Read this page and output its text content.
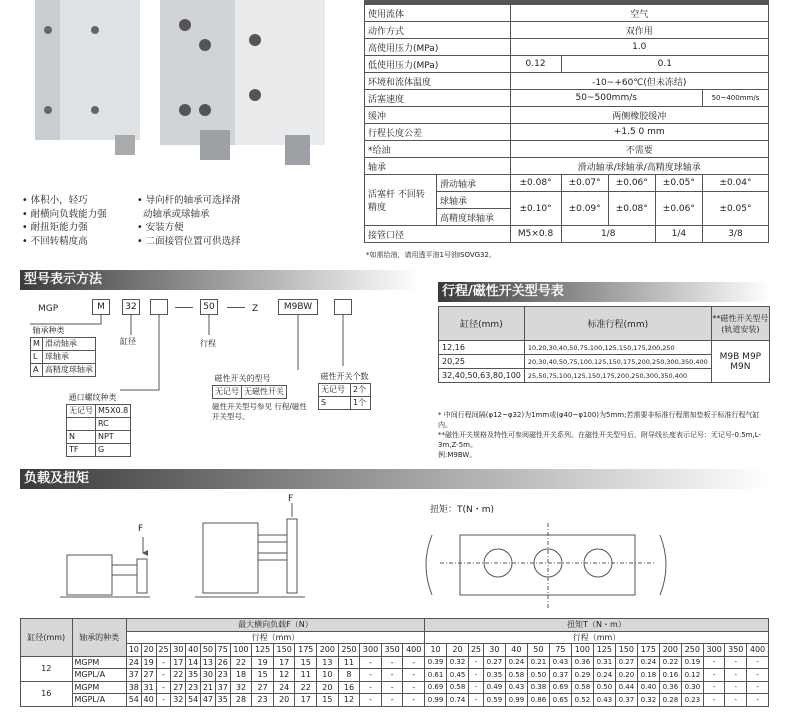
• 体积小，轻巧
• 耐横向负载能力强
• 耐扭矩能力强
• 不回转精度高
• 导向杆的轴承可选择滑
动轴承或球轴承
• 安装方便
• 二面接管位置可供选择

使用流体		空气				
动作方式		双作用				
高使用压力(MPa)		1.0				
低使用压力(MPa)		0.12	0.1			
环境和流体温度		-10~+60℃(但未冻结)				
活塞速度		50~500mm/s				50~400mm/s
缓冲		两侧橡胶缓冲				
行程长度公差		+1.5 0 mm				
*给油		不需要				
轴承		滑动轴承/球轴承/高精度球轴承				
活塞杆 不回转精度	滑动轴承	±0.08°	±0.07°	±0.06°	±0.05°	±0.04°
	球轴承	±0.10°	±0.09°	±0.08°	±0.06°	±0.05°
	高精度球轴承					
接管口径		M5×0.8	1/8		1/4	3/8
*如需给油，请用透平油1号油ISOVG32。
型号表示方法
MGP	M	32	50	Z	M9BW
轴承种类	
M	滑动轴承
L	球轴承
A	高精度球轴承
缸径	行程
通口螺纹种类	
无记号	M5X0.8
	RC
N	NPT
TF	G
磁性开关的型号
无记号	无磁性开关
磁性开关型号参见 行程/磁性开关型号。
磁性开关个数	
无记号	2个
S	1个
行程/磁性开关型号表
缸径(mm)	标准行程(mm)	**磁性开关型号 (轨道安装)
12,16	10,20,30,40,50,75,100,125,150,175,200,250	M9B M9P M9N
20,25	20,30,40,50,75,100,125,150,175,200,250,300,350,400	
32,40,50,63,80,100	25,50,75,100,125,150,175,200,250,300,350,400	
* 中间行程间隔(φ12~φ32)为1mm或(φ40~φ100)为5mm;若需要非标准行程需加垫板于标准行程气缸内。
**磁性开关规格及特性可参阅磁性开关系列。在磁性开关型号后，附导线长度表示记号：无记号-0.5m,L-3m,Z-5m。
例:M9BW。
负载及扭矩
F
F
扭矩：T(N・m)
缸径(mm)	轴承的种类	最大横向负载F（N）																扭矩T（N・m）															
		行程（mm）																行程（mm）															
		10	20	25	30	40	50	75	100	125	150	175	200	250	300	350	400	10	20	25	30	40	50	75	100	125	150	175	200	250	300	350	400
12	MGPM	24	19	-	17	14	13	26	22	19	17	15	13	11	-	-	-	0.39	0.32	-	0.27	0.24	0.21	0.43	0.36	0.31	0.27	0.24	0.22	0.19	-	-	-
	MGPL/A	37	27	-	22	35	30	23	18	15	12	11	10	8	-	-	-	0.61	0.45	-	0.35	0.58	0.50	0.37	0.29	0.24	0.20	0.18	0.16	0.12	-	-	-
16	MGPM	38	31	-	27	23	21	37	32	27	24	22	20	16	-	-	-	0.69	0.58	-	0.49	0.43	0.38	0.69	0.58	0.50	0.44	0.40	0.36	0.30	-	-	-
	MGPL/A	54	40	-	32	54	47	35	28	23	20	17	15	12	-	-	-	0.99	0.74	-	0.59	0.99	0.86	0.65	0.52	0.43	0.37	0.32	0.28	0.23	-	-	-
